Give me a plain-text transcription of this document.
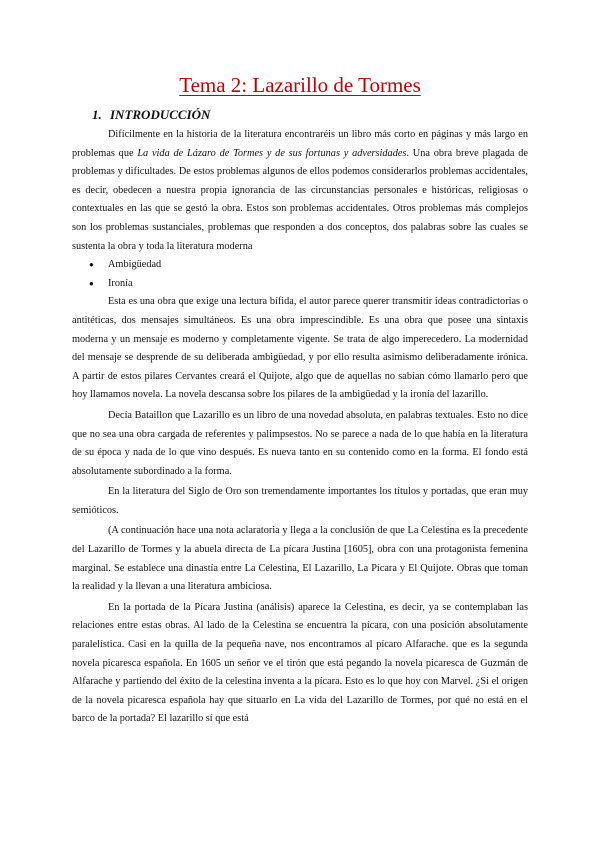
Tema 2: Lazarillo de Tormes
1. INTRODUCCIÓN

Difícilmente en la historia de la literatura encontraréis un libro más corto en páginas y más largo en problemas que La vida de Lázaro de Tormes y de sus fortunas y adversidades. Una obra breve plagada de problemas y dificultades. De estos problemas algunos de ellos podemos considerarlos problemas accidentales, es decir, obedecen a nuestra propia ignorancia de las circunstancias personales e históricas, religiosas o contextuales en las que se gestó la obra. Estos son problemas accidentales. Otros problemas más complejos son los problemas sustanciales, problemas que responden a dos conceptos, dos palabras sobre las cuales se sustenta la obra y toda la literatura moderna

● Ambigüedad
● Ironía

Esta es una obra que exige una lectura bífida, el autor parece querer transmitir ideas contradictorias o antitéticas, dos mensajes simultáneos. Es una obra imprescindible. Es una obra que posee una sintaxis moderna y un mensaje es moderno y completamente vigente. Se trata de algo imperecedero. La modernidad del mensaje se desprende de su deliberada ambigüedad, y por ello resulta asimismo deliberadamente irónica. A partir de estos pilares Cervantes creará el Quijote, algo que de aquellas no sabían cómo llamarlo pero que hoy llamamos novela. La novela descansa sobre los pilares de la ambigüedad y la ironía del lazarillo.

Decía Bataillon que Lazarillo es un libro de una novedad absoluta, en palabras textuales. Esto no dice que no sea una obra cargada de referentes y palimpsestos. No se parece a nada de lo que había en la literatura de su época y nada de lo que vino después. Es nueva tanto en su contenido como en la forma. El fondo está absolutamente subordinado a la forma.

En la literatura del Siglo de Oro son tremendamente importantes los títulos y portadas, que eran muy semióticos.

(A continuación hace una nota aclaratoria y llega a la conclusión de que La Celestina es la precedente del Lazarillo de Tormes y la abuela directa de La pícara Justina [1605], obra con una protagonista femenina marginal. Se establece una dinastía entre La Celestina, El Lazarillo, La Pícara y El Quijote. Obras que toman la realidad y la llevan a una literatura ambiciosa.

En la portada de la Pícara Justina (análisis) aparece la Celestina, es decir, ya se contemplaban las relaciones entre estas obras. Al lado de la Celestina se encuentra la pícara, con una posición absolutamente paralelística. Casi en la quilla de la pequeña nave, nos encontramos al pícaro Alfarache. que es la segunda novela picaresca española. En 1605 un señor ve el tirón que está pegando la novela picaresca de Guzmán de Alfarache y partiendo del éxito de la celestina inventa a la pícara. Esto es lo que hoy con Marvel. ¿Si el origen de la novela picaresca española hay que situarlo en La vida del Lazarillo de Tormes, por qué no está en el barco de la portada? El lazarillo sí que está
